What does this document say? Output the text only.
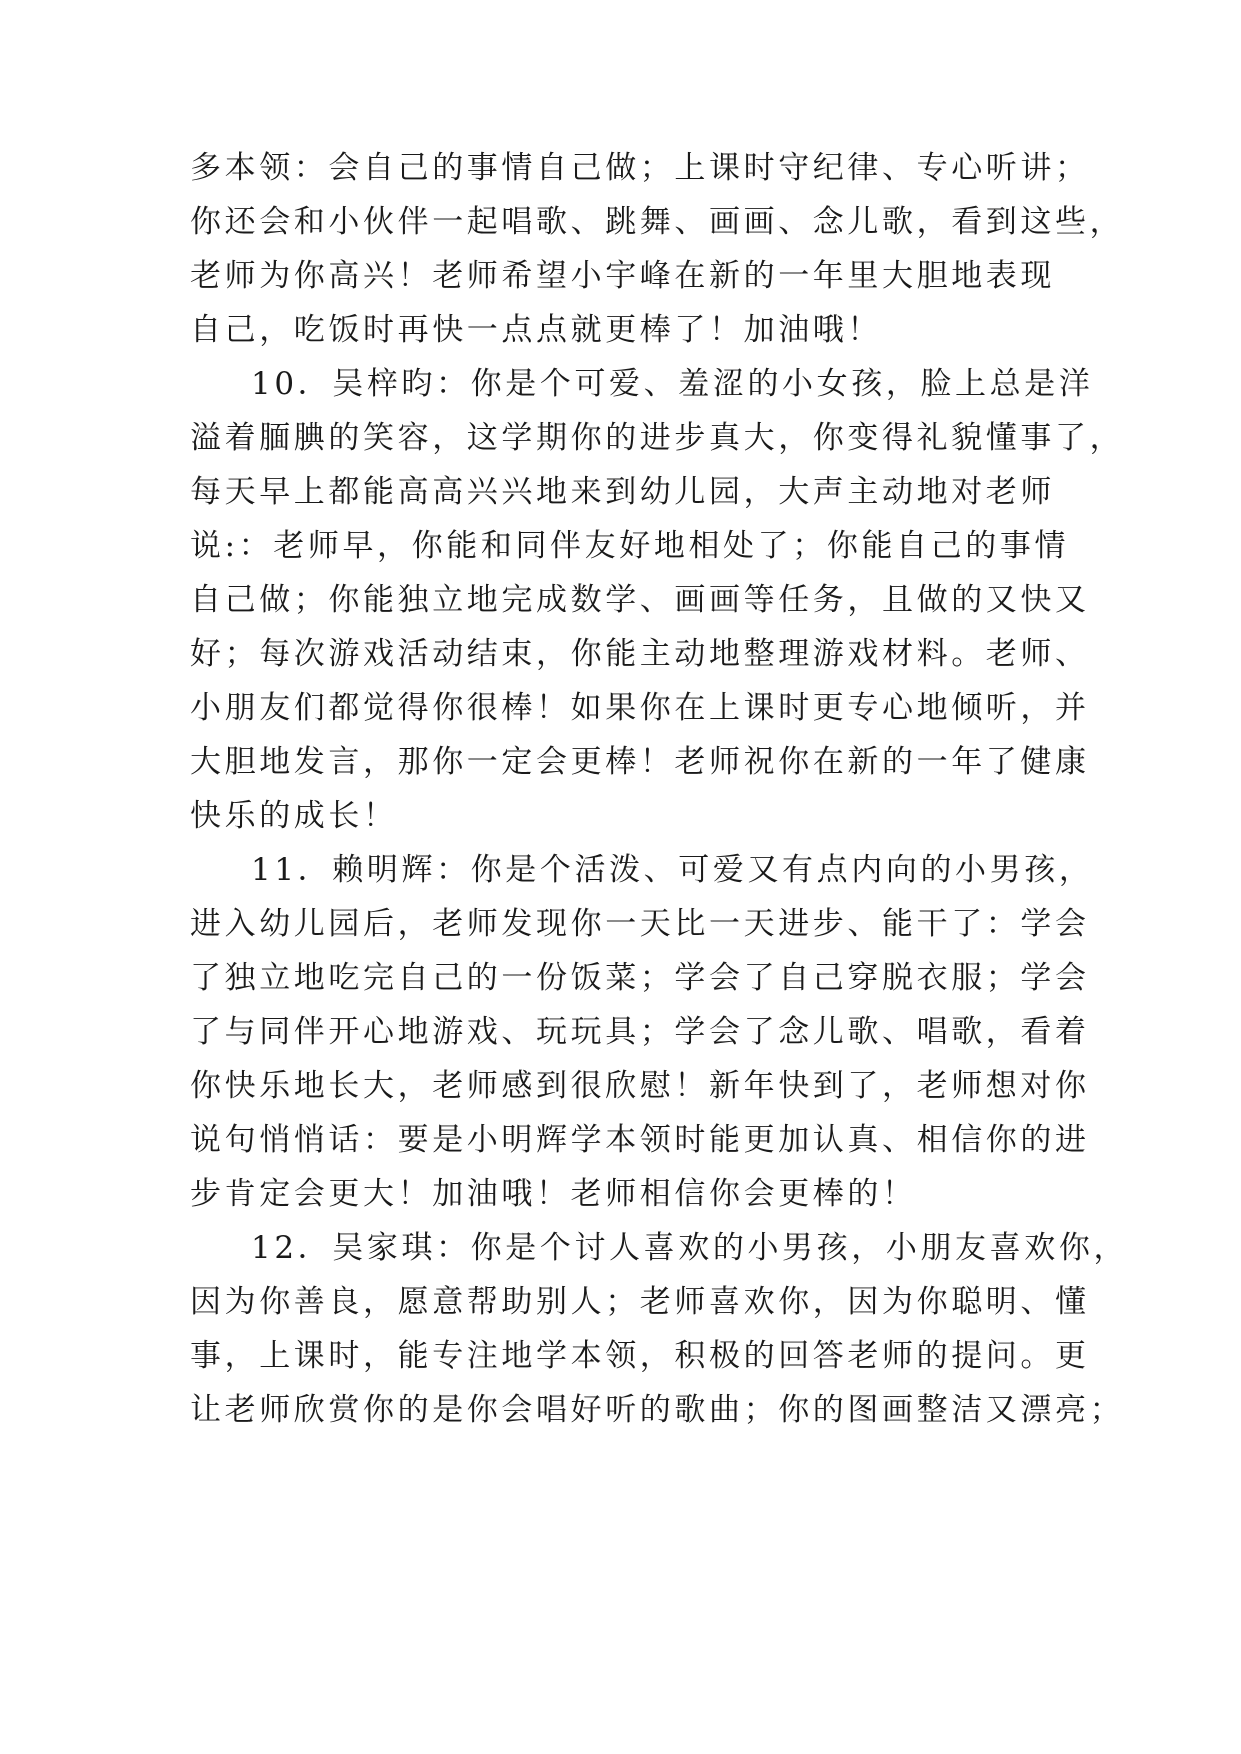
多本领：会自己的事情自己做；上课时守纪律、专心听讲；
你还会和小伙伴一起唱歌、跳舞、画画、念儿歌，看到这些，
老师为你高兴！老师希望小宇峰在新的一年里大胆地表现
自己，吃饭时再快一点点就更棒了！加油哦！
10．吴梓昀：你是个可爱、羞涩的小女孩，脸上总是洋
溢着腼腆的笑容，这学期你的进步真大，你变得礼貌懂事了，
每天早上都能高高兴兴地来到幼儿园，大声主动地对老师
说:：老师早，你能和同伴友好地相处了；你能自己的事情
自己做；你能独立地完成数学、画画等任务，且做的又快又
好；每次游戏活动结束，你能主动地整理游戏材料。老师、
小朋友们都觉得你很棒！如果你在上课时更专心地倾听，并
大胆地发言，那你一定会更棒！老师祝你在新的一年了健康
快乐的成长！
11．赖明辉：你是个活泼、可爱又有点内向的小男孩，
进入幼儿园后，老师发现你一天比一天进步、能干了：学会
了独立地吃完自己的一份饭菜；学会了自己穿脱衣服；学会
了与同伴开心地游戏、玩玩具；学会了念儿歌、唱歌，看着
你快乐地长大，老师感到很欣慰！新年快到了，老师想对你
说句悄悄话：要是小明辉学本领时能更加认真、相信你的进
步肯定会更大！加油哦！老师相信你会更棒的！
12．吴家琪：你是个讨人喜欢的小男孩，小朋友喜欢你，
因为你善良，愿意帮助别人；老师喜欢你，因为你聪明、懂
事，上课时，能专注地学本领，积极的回答老师的提问。更
让老师欣赏你的是你会唱好听的歌曲；你的图画整洁又漂亮；
